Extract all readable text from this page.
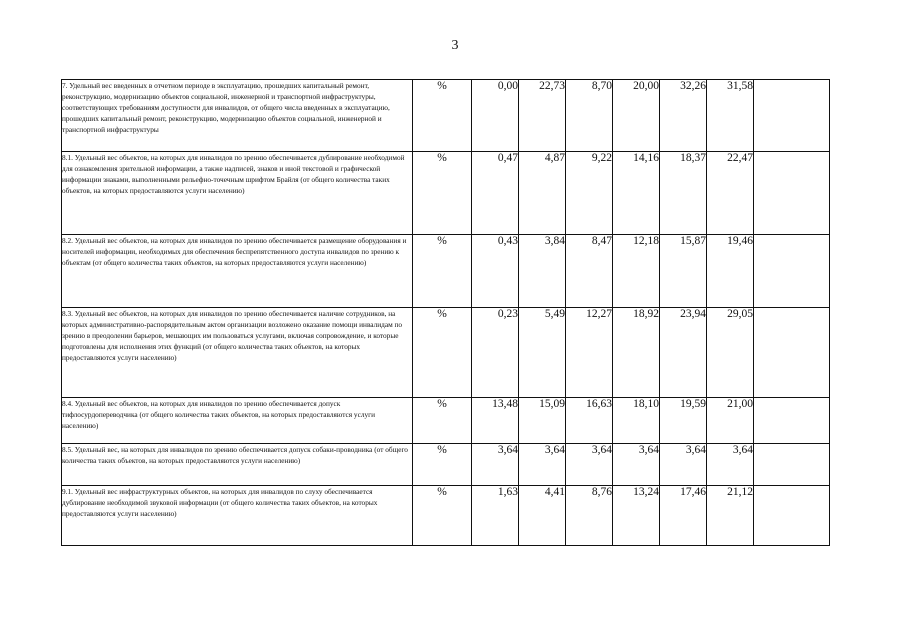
3
7. Удельный вес введенных в отчетном периоде в эксплуатацию, прошедших капитальный ремонт, реконструкцию, модернизацию объектов социальной, инженерной и транспортной инфраструктуры, соответствующих требованиям доступности для инвалидов, от общего числа введенных в эксплуатацию, прошедших капитальный ремонт, реконструкцию, модернизацию объектов социальной, инженерной и транспортной инфраструктуры	%	0,00	22,73	8,70	20,00	32,26	31,58	
8.1. Удельный вес объектов, на которых для инвалидов по зрению обеспечивается дублирование необходимой для ознакомления зрительной информации, а также надписей, знаков и иной текстовой и графической информации знаками, выполненными рельефно-точечным шрифтом Брайля (от общего количества таких объектов, на которых предоставляются услуги населению)	%	0,47	4,87	9,22	14,16	18,37	22,47	
8.2. Удельный вес объектов, на которых для инвалидов по зрению обеспечивается размещение оборудования и носителей информации, необходимых для обеспечения беспрепятственного доступа инвалидов по зрению к объектам (от общего количества таких объектов, на которых предоставляются услуги населению)	%	0,43	3,84	8,47	12,18	15,87	19,46	
8.3. Удельный вес объектов, на которых для инвалидов по зрению обеспечивается наличие сотрудников, на которых административно-распорядительным актом организации возложено оказание помощи инвалидам по зрению в преодолении барьеров, мешающих им пользоваться услугами, включая сопровождение, и которые подготовлены для исполнения этих функций (от общего количества таких объектов, на которых предоставляются услуги населению)	%	0,23	5,49	12,27	18,92	23,94	29,05	
8.4. Удельный вес объектов, на которых для инвалидов по зрению обеспечивается допуск тифлосурдопереводчика (от общего количества таких объектов, на которых предоставляются услуги населению)	%	13,48	15,09	16,63	18,10	19,59	21,00	
8.5. Удельный вес, на которых для инвалидов по зрению обеспечивается допуск собаки-проводника (от общего количества таких объектов, на которых предоставляются услуги населению)	%	3,64	3,64	3,64	3,64	3,64	3,64	
9.1. Удельный вес инфраструктурных объектов, на которых для инвалидов по слуху обеспечивается дублирование необходимой звуковой информации (от общего количества таких объектов, на которых предоставляются услуги населению)	%	1,63	4,41	8,76	13,24	17,46	21,12	
